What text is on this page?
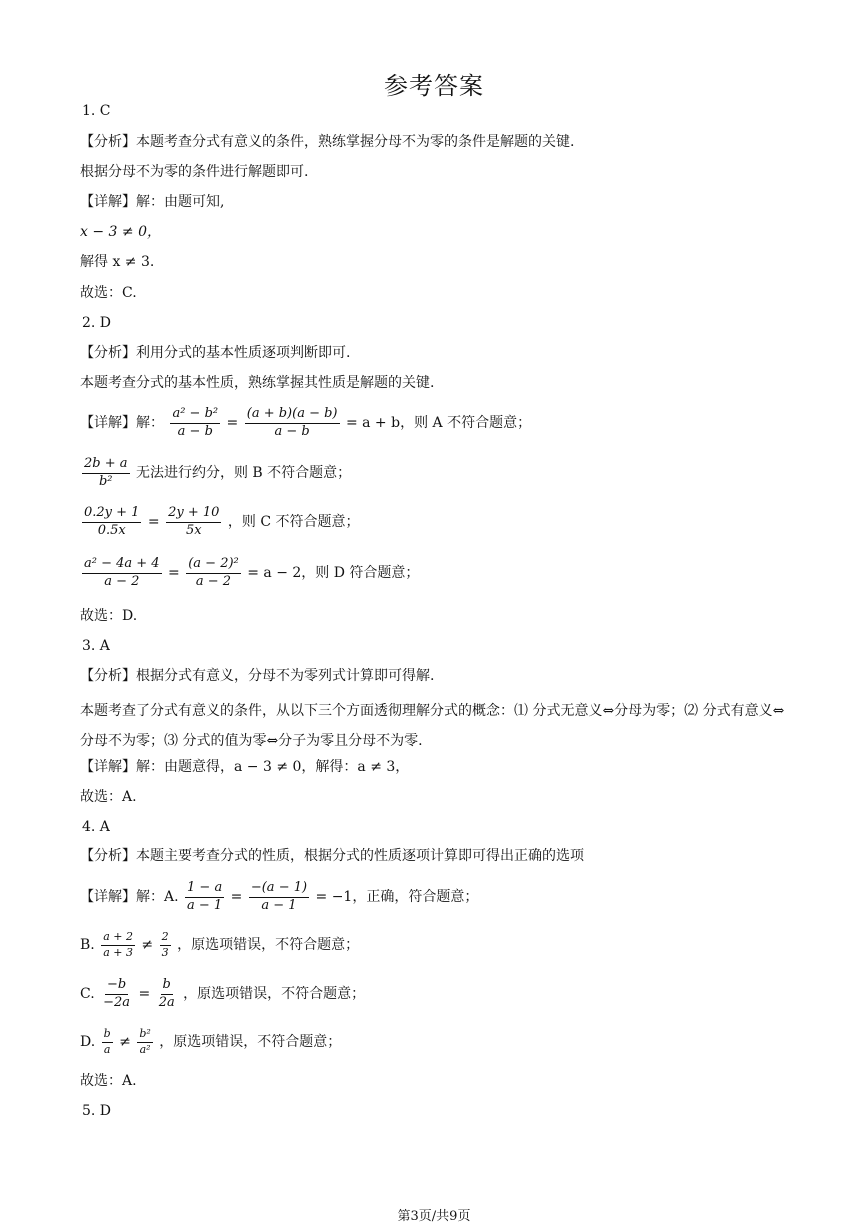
参考答案
1. C
【分析】本题考查分式有意义的条件，熟练掌握分母不为零的条件是解题的关键.
根据分母不为零的条件进行解题即可.
【详解】解：由题可知,
x − 3 ≠ 0，
解得 x ≠ 3.
故选：C.
2. D
【分析】利用分式的基本性质逐项判断即可.
本题考查分式的基本性质，熟练掌握其性质是解题的关键.
【详解】解： $\frac{\text{a² − b²}}{a - b} = \frac{(a + b)(a - b)}{a - b} = a + b$，则 A 不符合题意；
$\frac{2b + a}{\text{b²}}$ 无法进行约分，则 B 不符合题意；
$\frac{0.2y + 1}{0.5x} = \frac{2y + 10}{5x}$ ，则 C 不符合题意；
$\frac{\text{a² − 4a + 4}}{a - 2} = \frac{\text{(a − 2)²}}{a - 2} = a - 2$，则 D 符合题意；
故选：D.
3. A
【分析】根据分式有意义，分母不为零列式计算即可得解.
本题考查了分式有意义的条件，从以下三个方面透彻理解分式的概念：⑴ 分式无意义⇔分母为零；⑵ 分式有意义⇔分母不为零；⑶ 分式的值为零⇔分子为零且分母不为零.
【详解】解：由题意得，a − 3 ≠ 0，解得：a ≠ 3，
故选：A.
4. A
【分析】本题主要考查分式的性质，根据分式的性质逐项计算即可得出正确的选项
【详解】解：A. $\frac{1 - a}{a - 1} = \frac{-(a - 1)}{a - 1} = -1$，正确，符合题意；
B. $\frac{a + 2}{a + 3} \ne \frac{2}{3}$ ，原选项错误，不符合题意；
C. $\frac{-b}{-2a} = \frac{b}{2a}$ ，原选项错误，不符合题意；
D. $\frac{b}{a} \ne \frac{\text{b²}}{\text{a²}}$ ，原选项错误，不符合题意；
故选：A.
5. D
第3页/共9页
